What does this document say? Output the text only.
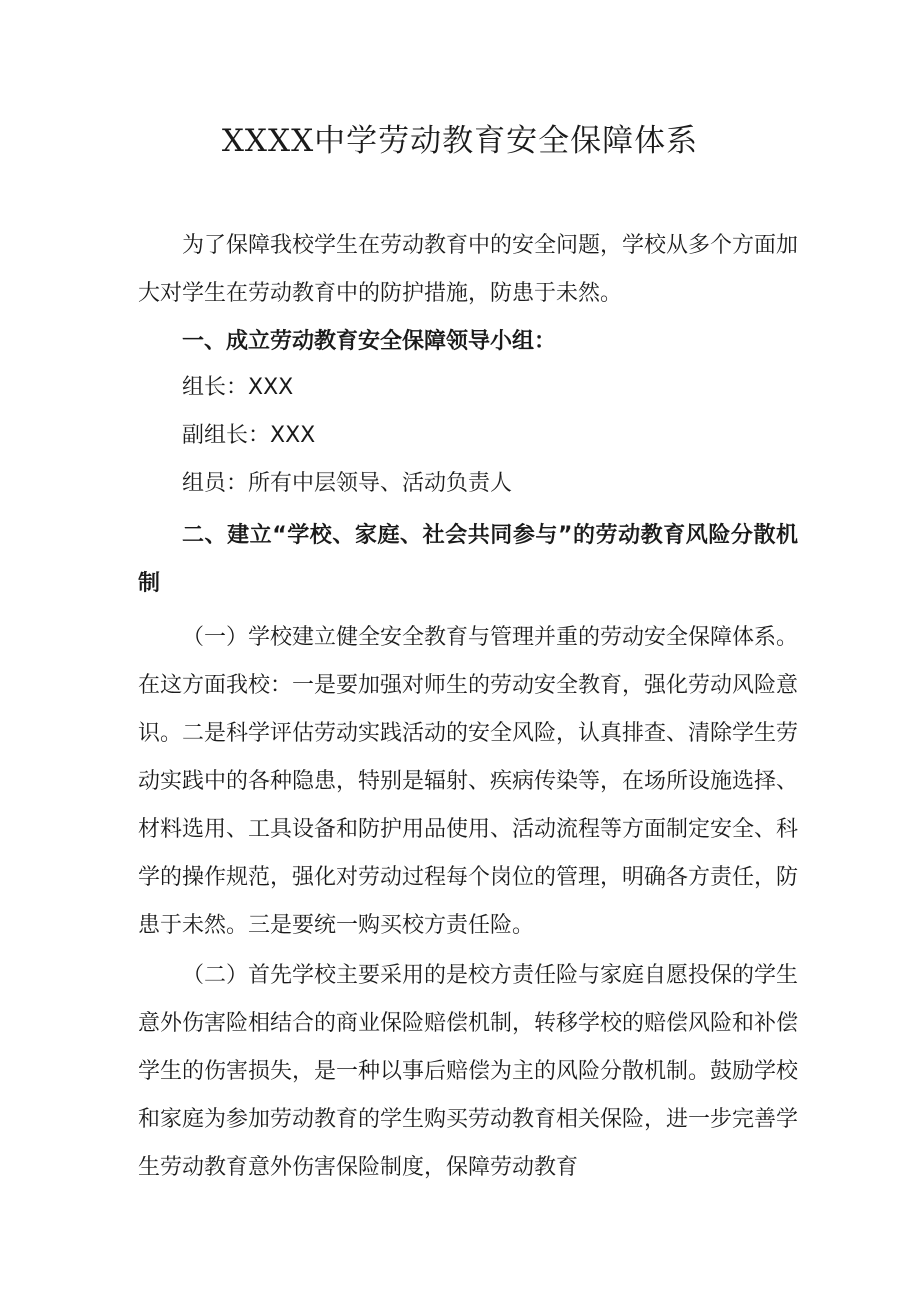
XXXX中学劳动教育安全保障体系

为了保障我校学生在劳动教育中的安全问题，学校从多个方面加大对学生在劳动教育中的防护措施，防患于未然。

一、成立劳动教育安全保障领导小组：

组长：XXX

副组长：XXX

组员：所有中层领导、活动负责人

二、建立“学校、家庭、社会共同参与”的劳动教育风险分散机制

（一）学校建立健全安全教育与管理并重的劳动安全保障体系。在这方面我校：一是要加强对师生的劳动安全教育，强化劳动风险意识。二是科学评估劳动实践活动的安全风险，认真排查、清除学生劳动实践中的各种隐患，特别是辐射、疾病传染等，在场所设施选择、材料选用、工具设备和防护用品使用、活动流程等方面制定安全、科学的操作规范，强化对劳动过程每个岗位的管理，明确各方责任，防患于未然。三是要统一购买校方责任险。

（二）首先学校主要采用的是校方责任险与家庭自愿投保的学生意外伤害险相结合的商业保险赔偿机制，转移学校的赔偿风险和补偿学生的伤害损失，是一种以事后赔偿为主的风险分散机制。鼓励学校和家庭为参加劳动教育的学生购买劳动教育相关保险，进一步完善学生劳动教育意外伤害保险制度，保障劳动教育
